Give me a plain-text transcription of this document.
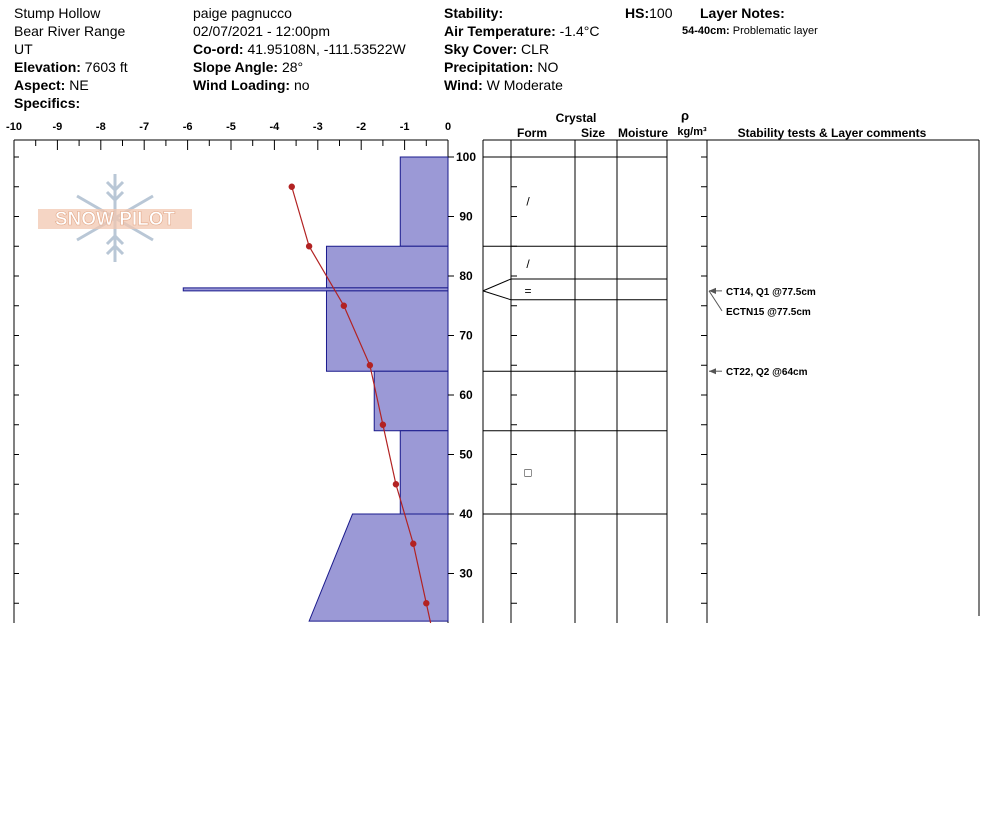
Stump Hollow
Bear River Range
UT
Elevation: 7603 ft
Aspect: NE
Specifics:
paige pagnucco
02/07/2021 - 12:00pm
Co-ord: 41.95108N, -111.53522W
Slope Angle: 28°
Wind Loading: no
Stability:
Air Temperature: -1.4°C
Sky Cover: CLR
Precipitation: NO
Wind: W Moderate
HS:100 Layer Notes:
54-40cm: Problematic layer
SNOW PILOT
-10	-9	-8	-7	-6	-5	-4	-3	-2	-1	0
100
90
80
70
60
50
40
30
Crystal
Form	Size Moisture
ρ
kg/m³	Stability tests & Layer comments
/
/
=
□
CT14, Q1 @77.5cm
ECTN15 @77.5cm
CT22, Q2 @64cm
